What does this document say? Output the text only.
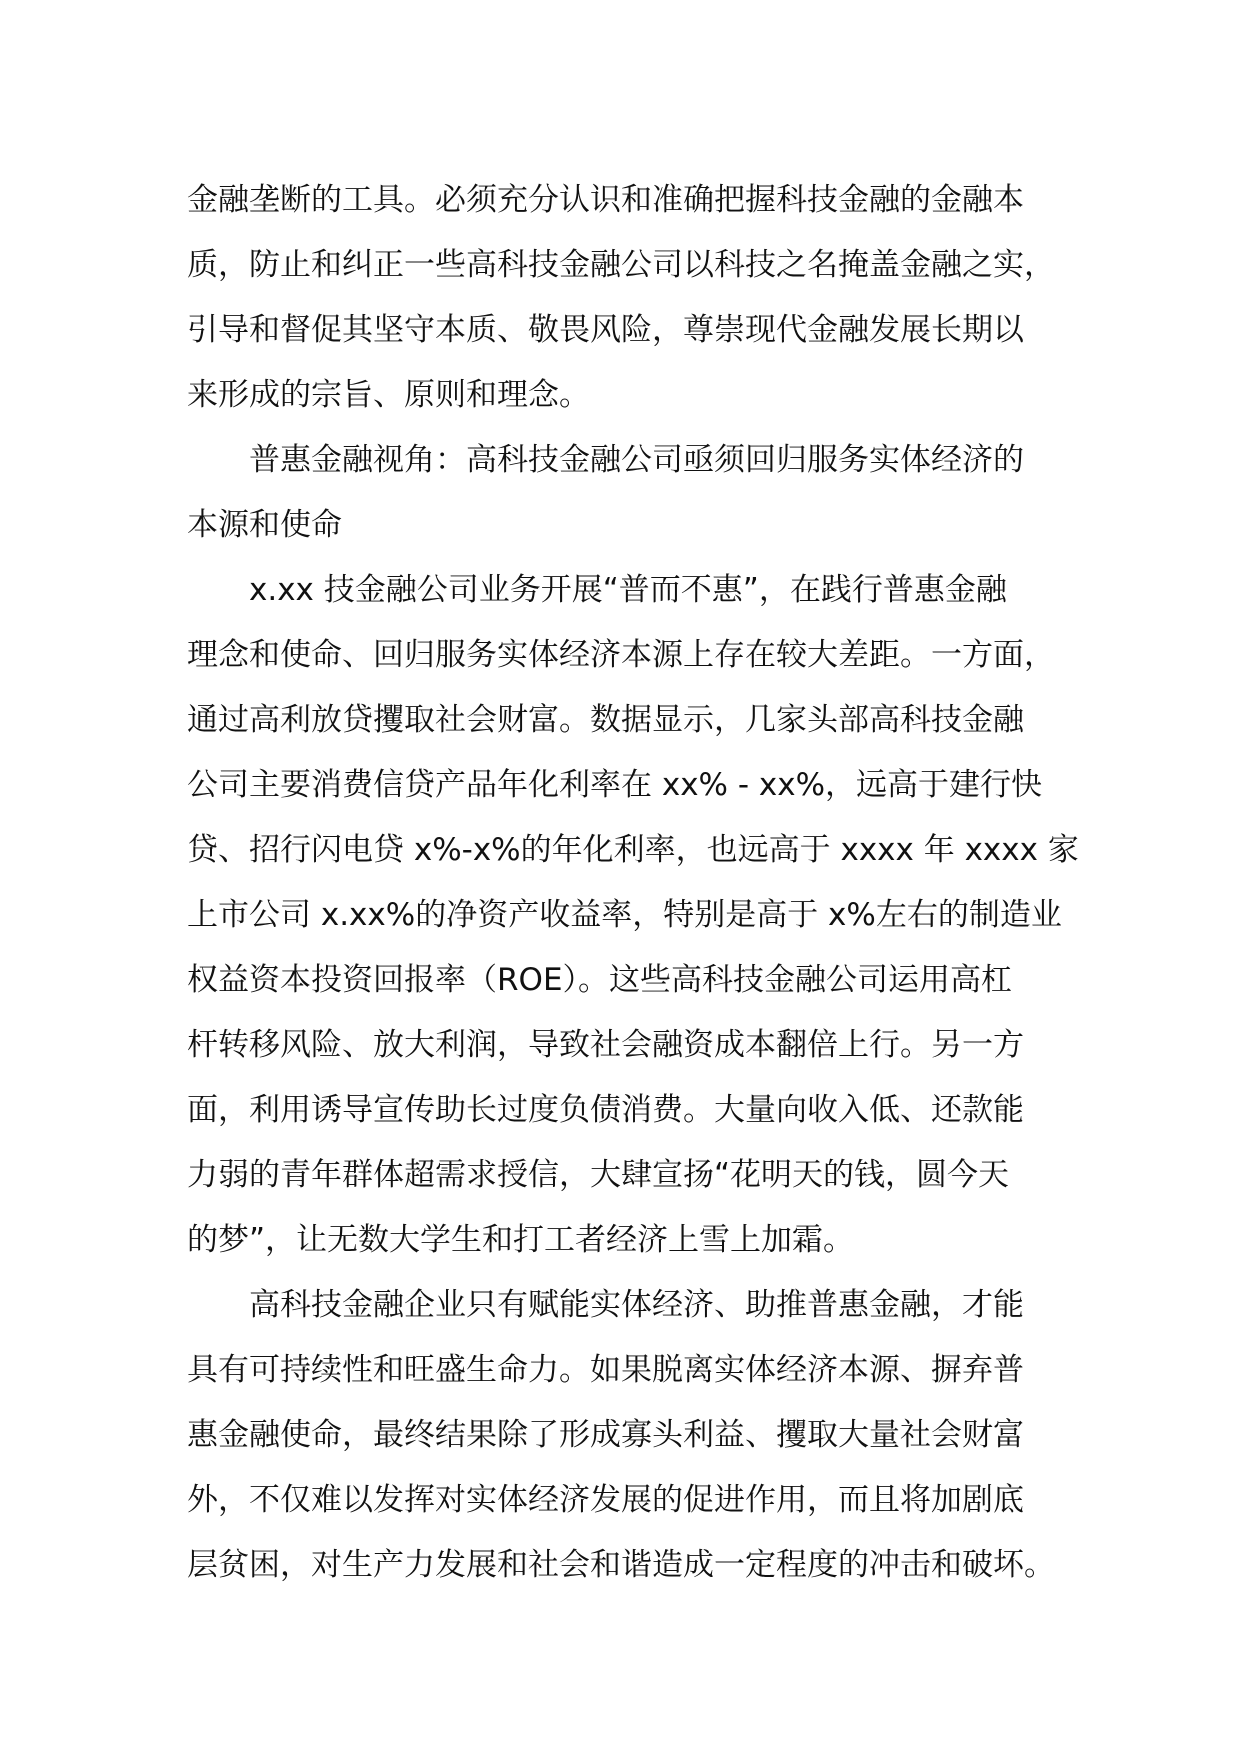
金融垄断的工具。必须充分认识和准确把握科技金融的金融本
质，防止和纠正一些高科技金融公司以科技之名掩盖金融之实，
引导和督促其坚守本质、敬畏风险，尊崇现代金融发展长期以
来形成的宗旨、原则和理念。

普惠金融视角：高科技金融公司亟须回归服务实体经济的
本源和使命

x.xx 技金融公司业务开展“普而不惠”，在践行普惠金融
理念和使命、回归服务实体经济本源上存在较大差距。一方面，
通过高利放贷攫取社会财富。数据显示，几家头部高科技金融
公司主要消费信贷产品年化利率在 xx% - xx%，远高于建行快
贷、招行闪电贷 x%-x%的年化利率，也远高于 xxxx 年 xxxx 家
上市公司 x.xx%的净资产收益率，特别是高于 x%左右的制造业
权益资本投资回报率（ROE）。这些高科技金融公司运用高杠
杆转移风险、放大利润，导致社会融资成本翻倍上行。另一方
面，利用诱导宣传助长过度负债消费。大量向收入低、还款能
力弱的青年群体超需求授信，大肆宣扬“花明天的钱，圆今天
的梦”，让无数大学生和打工者经济上雪上加霜。

高科技金融企业只有赋能实体经济、助推普惠金融，才能
具有可持续性和旺盛生命力。如果脱离实体经济本源、摒弃普
惠金融使命，最终结果除了形成寡头利益、攫取大量社会财富
外，不仅难以发挥对实体经济发展的促进作用，而且将加剧底
层贫困，对生产力发展和社会和谐造成一定程度的冲击和破坏。
